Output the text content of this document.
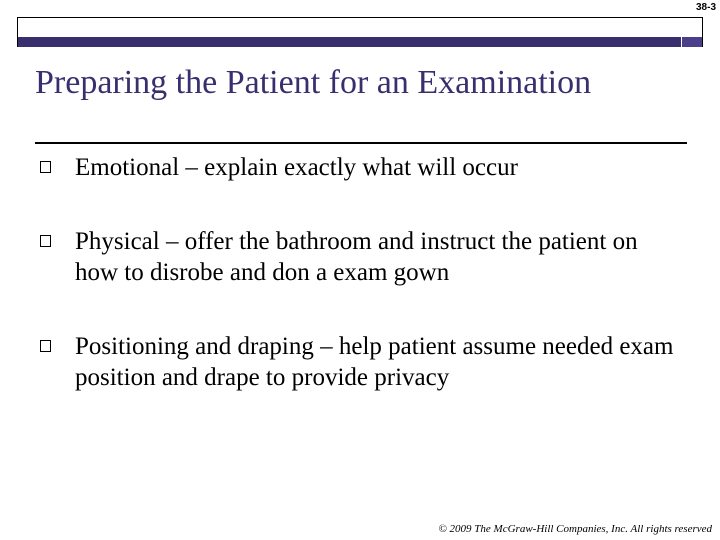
38-3
Preparing the Patient for an Examination
Emotional – explain exactly what will occur
Physical – offer the bathroom and instruct the patient on how to disrobe and don a exam gown
Positioning and draping – help patient assume needed exam position and drape to provide privacy
© 2009 The McGraw-Hill Companies, Inc. All rights reserved
